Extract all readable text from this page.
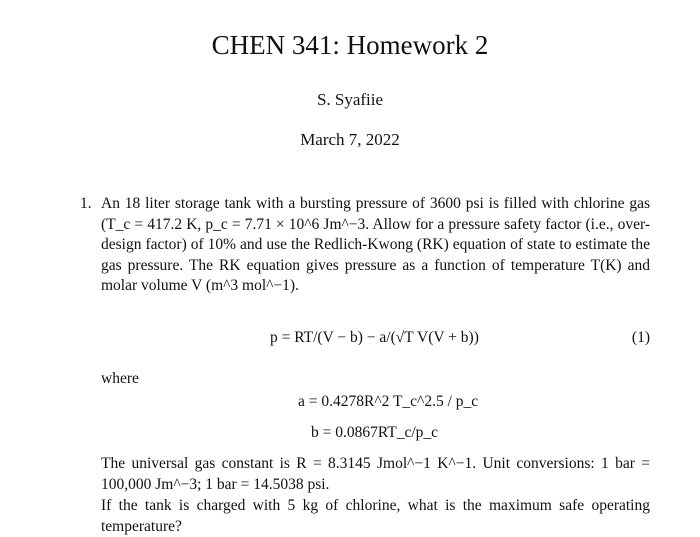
CHEN 341: Homework 2
S. Syafiie
March 7, 2022
1. An 18 liter storage tank with a bursting pressure of 3600 psi is filled with chlorine gas (T_c = 417.2 K, p_c = 7.71 × 10^6 Jm^−3. Allow for a pressure safety factor (i.e., over-design factor) of 10% and use the Redlich-Kwong (RK) equation of state to estimate the gas pressure. The RK equation gives pressure as a function of temperature T(K) and molar volume V (m^3 mol^−1).
p = RT/(V − b) − a/(√T V(V + b))	(1)
where
a = 0.4278R^2 T_c^2.5 / p_c
b = 0.0867RT_c/p_c

The universal gas constant is R = 8.3145 Jmol^−1 K^−1. Unit conversions: 1 bar = 100,000 Jm^−3; 1 bar = 14.5038 psi.

If the tank is charged with 5 kg of chlorine, what is the maximum safe operating temperature?
